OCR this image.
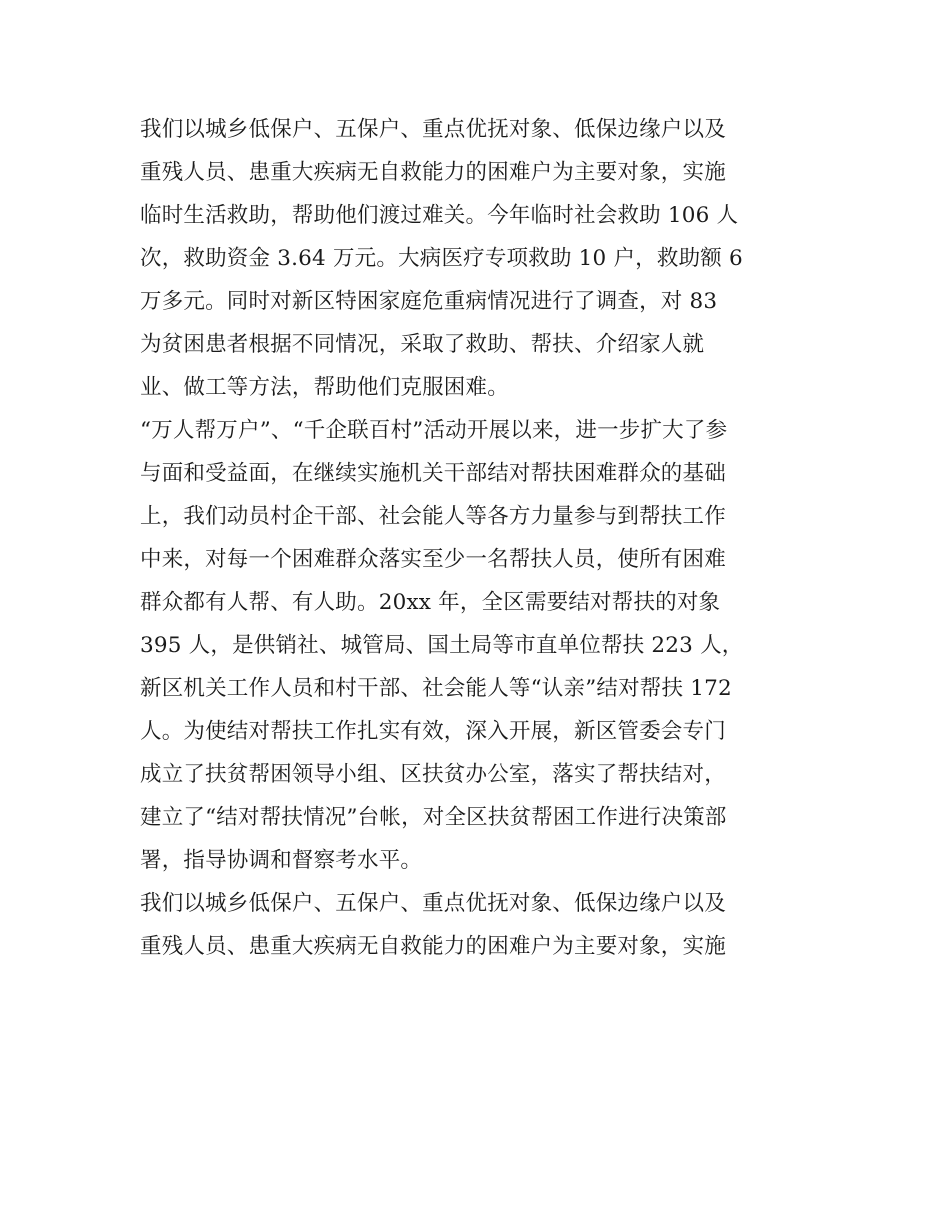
我们以城乡低保户、五保户、重点优抚对象、低保边缘户以及
重残人员、患重大疾病无自救能力的困难户为主要对象，实施
临时生活救助，帮助他们渡过难关。今年临时社会救助 106 人
次，救助资金 3.64 万元。大病医疗专项救助 10 户，救助额 6
万多元。同时对新区特困家庭危重病情况进行了调查，对 83
为贫困患者根据不同情况，采取了救助、帮扶、介绍家人就
业、做工等方法，帮助他们克服困难。
“万人帮万户”、“千企联百村”活动开展以来，进一步扩大了参
与面和受益面，在继续实施机关干部结对帮扶困难群众的基础
上，我们动员村企干部、社会能人等各方力量参与到帮扶工作
中来，对每一个困难群众落实至少一名帮扶人员，使所有困难
群众都有人帮、有人助。20xx 年，全区需要结对帮扶的对象
395 人，是供销社、城管局、国土局等市直单位帮扶 223 人，
新区机关工作人员和村干部、社会能人等“认亲”结对帮扶 172
人。为使结对帮扶工作扎实有效，深入开展，新区管委会专门
成立了扶贫帮困领导小组、区扶贫办公室，落实了帮扶结对，
建立了“结对帮扶情况”台帐，对全区扶贫帮困工作进行决策部
署，指导协调和督察考水平。
我们以城乡低保户、五保户、重点优抚对象、低保边缘户以及
重残人员、患重大疾病无自救能力的困难户为主要对象，实施
